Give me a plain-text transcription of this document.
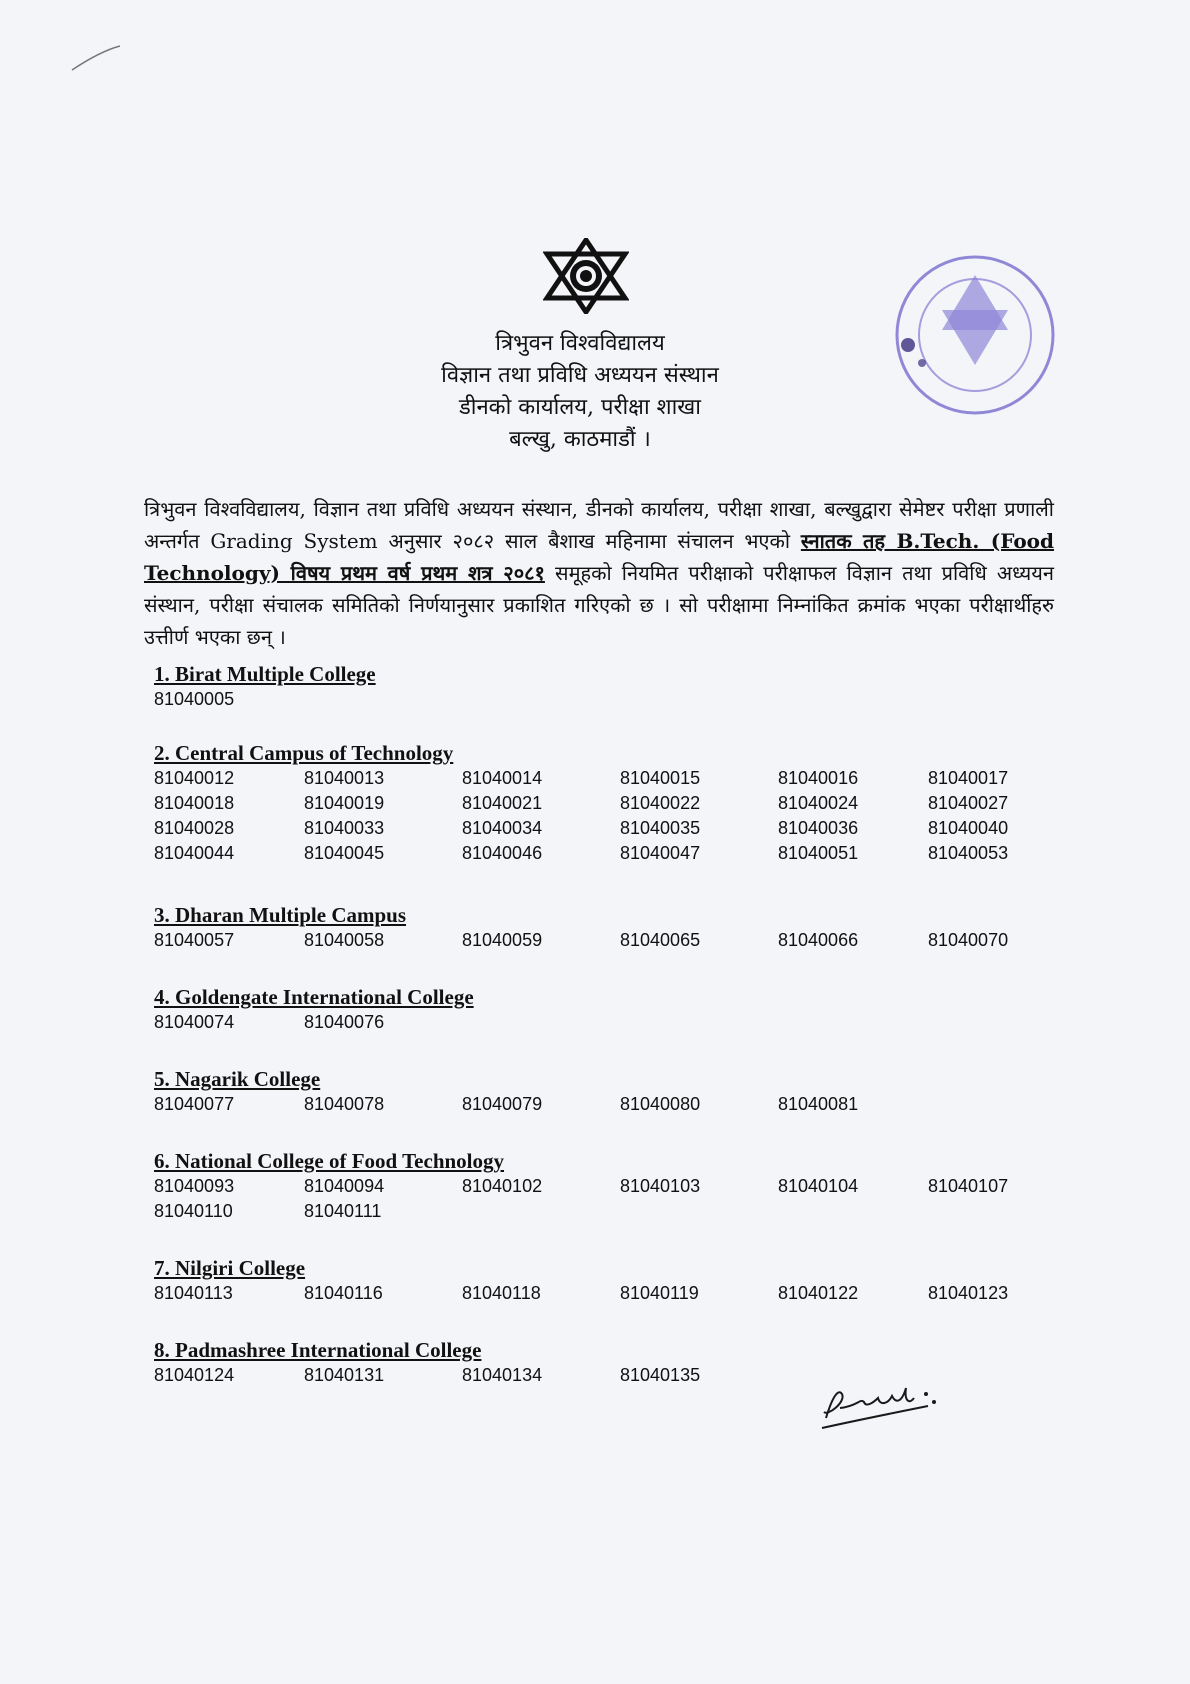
त्रिभुवन विश्वविद्यालय
विज्ञान तथा प्रविधि अध्ययन संस्थान
डीनको कार्यालय, परीक्षा शाखा
बल्खु, काठमाडौं ।
त्रिभुवन विश्वविद्यालय, विज्ञान तथा प्रविधि अध्ययन संस्थान, डीनको कार्यालय, परीक्षा शाखा, बल्खुद्वारा सेमेष्टर परीक्षा प्रणाली अन्तर्गत Grading System अनुसार २०८२ साल बैशाख महिनामा संचालन भएको स्नातक तह B.Tech. (Food Technology) विषय प्रथम वर्ष प्रथम शत्र २०८१ समूहको नियमित परीक्षाको परीक्षाफल विज्ञान तथा प्रविधि अध्ययन संस्थान, परीक्षा संचालक समितिको निर्णयानुसार प्रकाशित गरिएको छ । सो परीक्षामा निम्नांकित क्रमांक भएका परीक्षार्थीहरु उत्तीर्ण भएका छन् ।
1. Birat Multiple College
81040005
2. Central Campus of Technology
81040012	81040013	81040014	81040015	81040016	81040017
81040018	81040019	81040021	81040022	81040024	81040027
81040028	81040033	81040034	81040035	81040036	81040040
81040044	81040045	81040046	81040047	81040051	81040053
3. Dharan Multiple Campus
81040057	81040058	81040059	81040065	81040066	81040070
4. Goldengate International College
81040074	81040076
5. Nagarik College
81040077	81040078	81040079	81040080	81040081
6. National College of Food Technology
81040093	81040094	81040102	81040103	81040104	81040107
81040110	81040111
7. Nilgiri College
81040113	81040116	81040118	81040119	81040122	81040123
8. Padmashree International College
81040124	81040131	81040134	81040135
